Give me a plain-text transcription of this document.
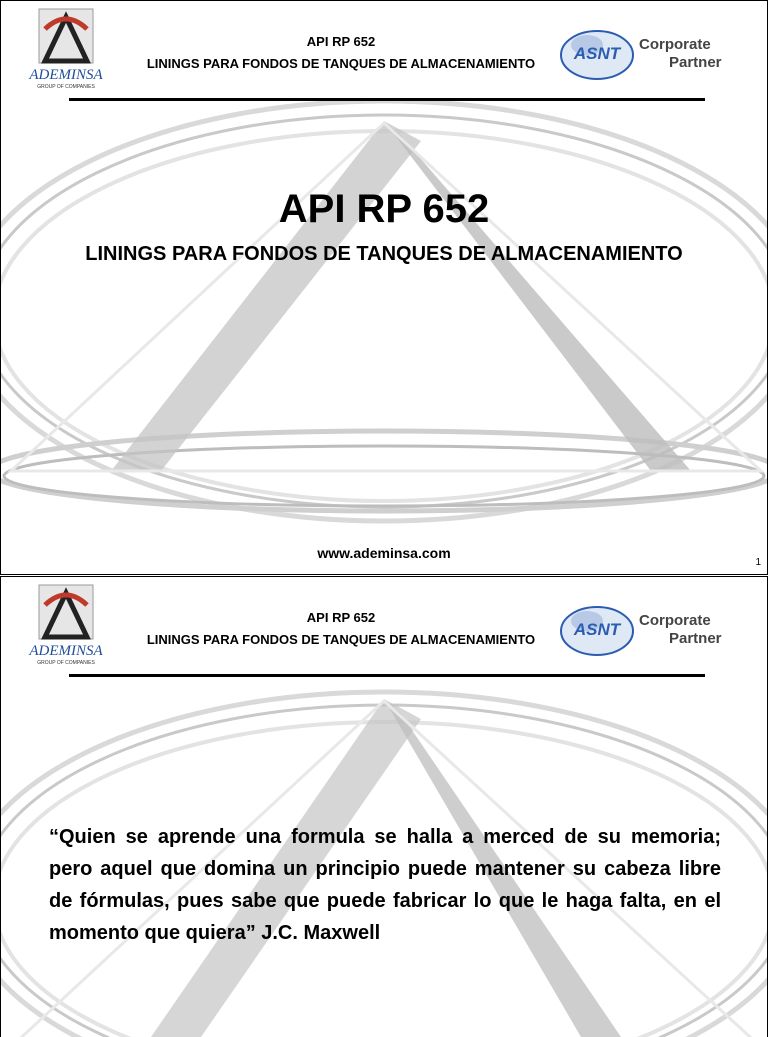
ADEMINSA
GROUP OF COMPANIES
API RP 652
LININGS PARA FONDOS DE TANQUES DE ALMACENAMIENTO
ASNT Corporate
Partner
API RP 652
LININGS PARA FONDOS DE TANQUES DE ALMACENAMIENTO
www.ademinsa.com
1
ADEMINSA
GROUP OF COMPANIES
API RP 652
LININGS PARA FONDOS DE TANQUES DE ALMACENAMIENTO
ASNT Corporate
Partner
“Quien se aprende una formula se halla a merced de su memoria; pero aquel que domina un principio puede mantener su cabeza libre de fórmulas, pues sabe que puede fabricar lo que le haga falta, en el momento que quiera” J.C. Maxwell
